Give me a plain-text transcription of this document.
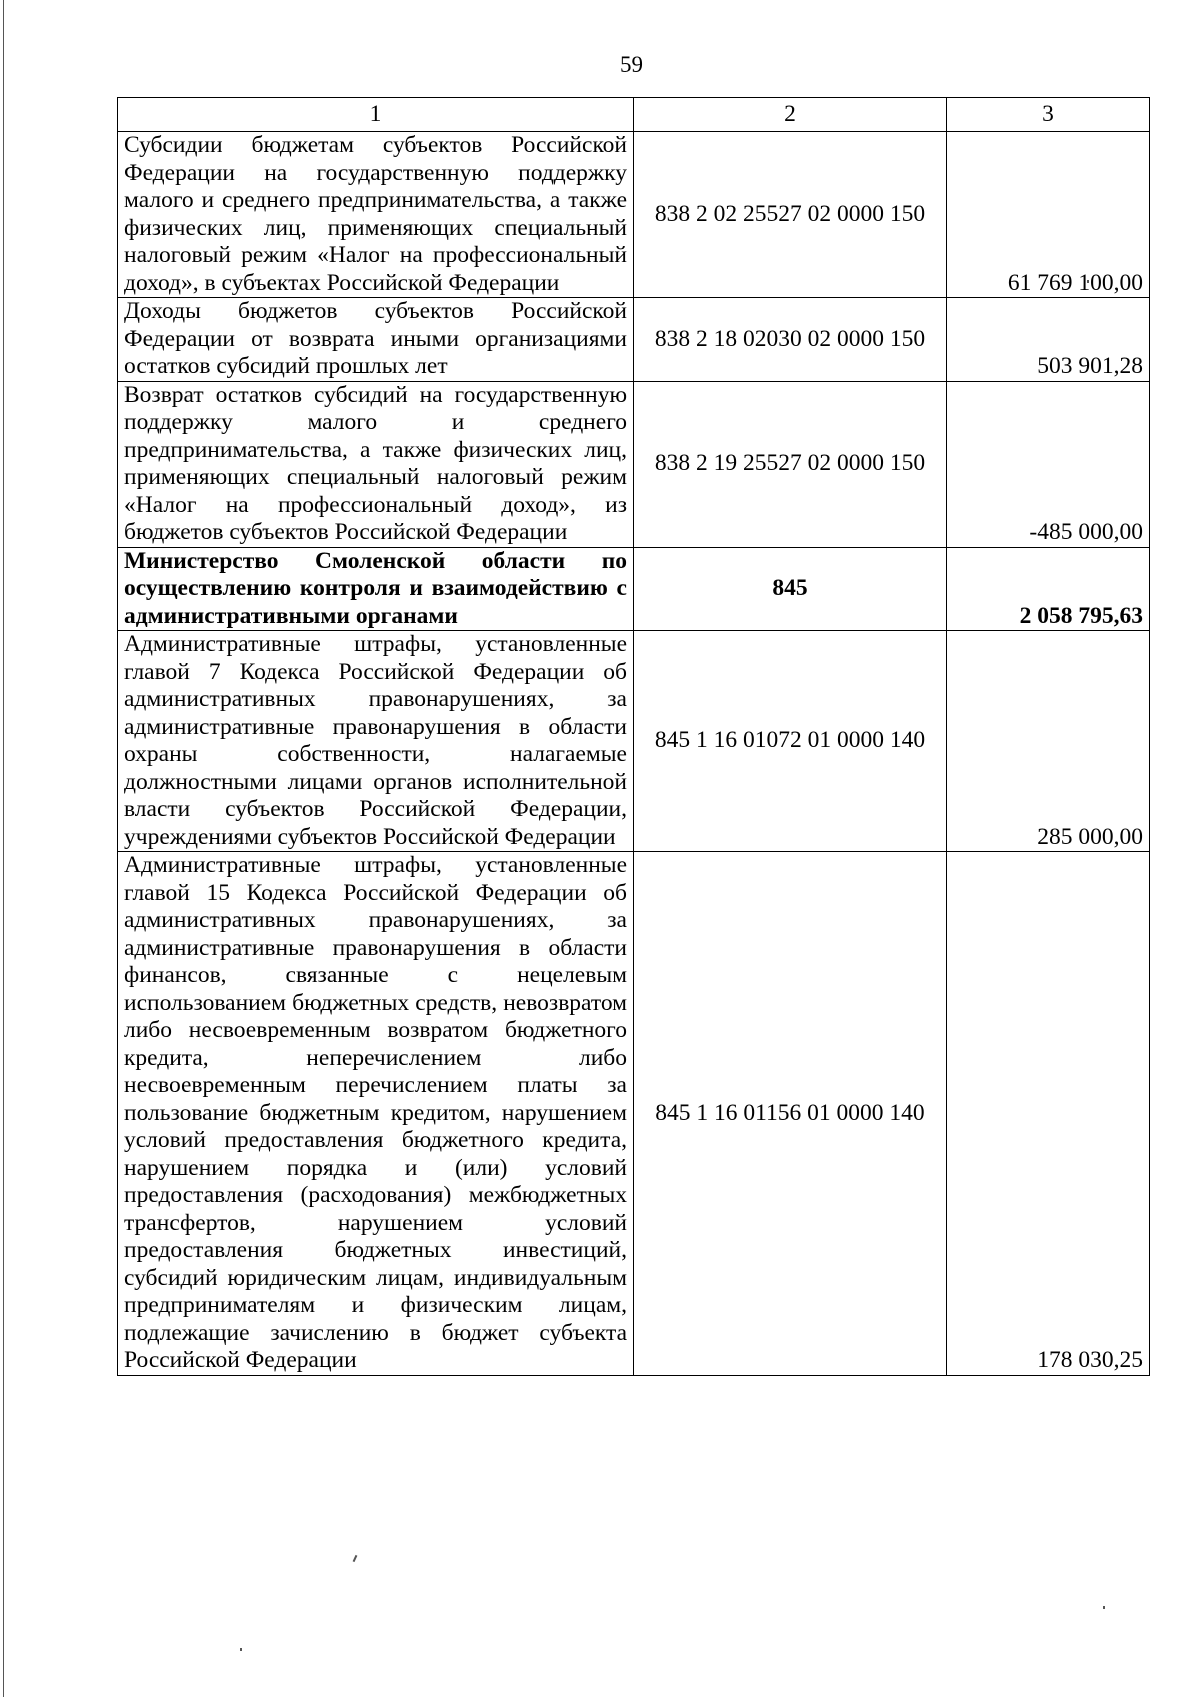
59
1	2	3
Субсидии бюджетам субъектов Российской Федерации на государственную поддержку малого и среднего предпринимательства, а также физических лиц, применяющих специальный налоговый режим «Налог на профессиональный доход», в субъектах Российской Федерации	838 2 02 25527 02 0000 150	61 769 100,00
Доходы бюджетов субъектов Российской Федерации от возврата иными организациями остатков субсидий прошлых лет	838 2 18 02030 02 0000 150	503 901,28
Возврат остатков субсидий на государственную поддержку малого и среднего предпринимательства, а также физических лиц, применяющих специальный налоговый режим «Налог на профессиональный доход», из бюджетов субъектов Российской Федерации	838 2 19 25527 02 0000 150	-485 000,00
Министерство Смоленской области по осуществлению контроля и взаимодействию с административными органами	845	2 058 795,63
Административные штрафы, установленные главой 7 Кодекса Российской Федерации об административных правонарушениях, за административные правонарушения в области охраны собственности, налагаемые должностными лицами органов исполнительной власти субъектов Российской Федерации, учреждениями субъектов Российской Федерации	845 1 16 01072 01 0000 140	285 000,00
Административные штрафы, установленные главой 15 Кодекса Российской Федерации об административных правонарушениях, за административные правонарушения в области финансов, связанные с нецелевым использованием бюджетных средств, невозвратом либо несвоевременным возвратом бюджетного кредита, неперечислением либо несвоевременным перечислением платы за пользование бюджетным кредитом, нарушением условий предоставления бюджетного кредита, нарушением порядка и (или) условий предоставления (расходования) межбюджетных трансфертов, нарушением условий предоставления бюджетных инвестиций, субсидий юридическим лицам, индивидуальным предпринимателям и физическим лицам, подлежащие зачислению в бюджет субъекта Российской Федерации	845 1 16 01156 01 0000 140	178 030,25
